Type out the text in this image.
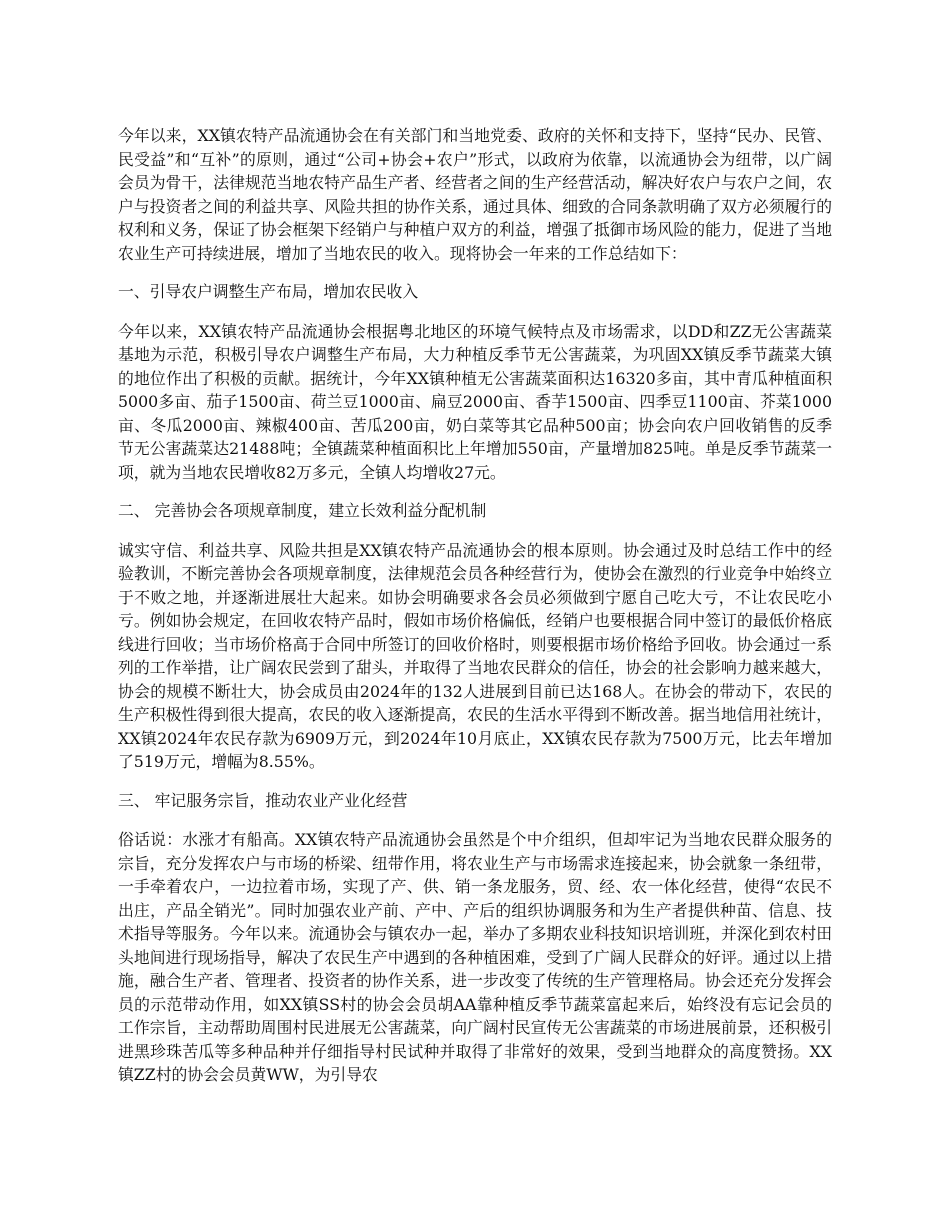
今年以来，XX镇农特产品流通协会在有关部门和当地党委、政府的关怀和支持下，坚持“民办、民管、民受益”和“互补”的原则，通过“公司+协会+农户”形式，以政府为依靠，以流通协会为纽带，以广阔会员为骨干，法律规范当地农特产品生产者、经营者之间的生产经营活动，解决好农户与农户之间，农户与投资者之间的利益共享、风险共担的协作关系，通过具体、细致的合同条款明确了双方必须履行的权利和义务，保证了协会框架下经销户与种植户双方的利益，增强了抵御市场风险的能力，促进了当地农业生产可持续进展，增加了当地农民的收入。现将协会一年来的工作总结如下：

一、引导农户调整生产布局，增加农民收入

今年以来，XX镇农特产品流通协会根据粤北地区的环境气候特点及市场需求，以DD和ZZ无公害蔬菜基地为示范，积极引导农户调整生产布局，大力种植反季节无公害蔬菜，为巩固XX镇反季节蔬菜大镇的地位作出了积极的贡献。据统计，今年XX镇种植无公害蔬菜面积达16320多亩，其中青瓜种植面积5000多亩、茄子1500亩、荷兰豆1000亩、扁豆2000亩、香芋1500亩、四季豆1100亩、芥菜1000亩、冬瓜2000亩、辣椒400亩、苦瓜200亩，奶白菜等其它品种500亩；协会向农户回收销售的反季节无公害蔬菜达21488吨；全镇蔬菜种植面积比上年增加550亩，产量增加825吨。单是反季节蔬菜一项，就为当地农民增收82万多元，全镇人均增收27元。

二、 完善协会各项规章制度，建立长效利益分配机制

诚实守信、利益共享、风险共担是XX镇农特产品流通协会的根本原则。协会通过及时总结工作中的经验教训，不断完善协会各项规章制度，法律规范会员各种经营行为，使协会在激烈的行业竞争中始终立于不败之地，并逐渐进展壮大起来。如协会明确要求各会员必须做到宁愿自己吃大亏，不让农民吃小亏。例如协会规定，在回收农特产品时，假如市场价格偏低，经销户也要根据合同中签订的最低价格底线进行回收；当市场价格高于合同中所签订的回收价格时，则要根据市场价格给予回收。协会通过一系列的工作举措，让广阔农民尝到了甜头，并取得了当地农民群众的信任，协会的社会影响力越来越大，协会的规模不断壮大，协会成员由2024年的132人进展到目前已达168人。在协会的带动下，农民的生产积极性得到很大提高，农民的收入逐渐提高，农民的生活水平得到不断改善。据当地信用社统计，XX镇2024年农民存款为6909万元，到2024年10月底止，XX镇农民存款为7500万元，比去年增加了519万元，增幅为8.55%。

三、 牢记服务宗旨，推动农业产业化经营

俗话说：水涨才有船高。XX镇农特产品流通协会虽然是个中介组织，但却牢记为当地农民群众服务的宗旨，充分发挥农户与市场的桥梁、纽带作用，将农业生产与市场需求连接起来，协会就象一条纽带，一手牵着农户，一边拉着市场，实现了产、供、销一条龙服务，贸、经、农一体化经营，使得“农民不出庄，产品全销光”。同时加强农业产前、产中、产后的组织协调服务和为生产者提供种苗、信息、技术指导等服务。今年以来。流通协会与镇农办一起，举办了多期农业科技知识培训班，并深化到农村田头地间进行现场指导，解决了农民生产中遇到的各种植困难，受到了广阔人民群众的好评。通过以上措施，融合生产者、管理者、投资者的协作关系，进一步改变了传统的生产管理格局。协会还充分发挥会员的示范带动作用，如XX镇SS村的协会会员胡AA靠种植反季节蔬菜富起来后，始终没有忘记会员的工作宗旨，主动帮助周围村民进展无公害蔬菜，向广阔村民宣传无公害蔬菜的市场进展前景，还积极引进黑珍珠苦瓜等多种品种并仔细指导村民试种并取得了非常好的效果，受到当地群众的高度赞扬。XX镇ZZ村的协会会员黄WW，为引导农
